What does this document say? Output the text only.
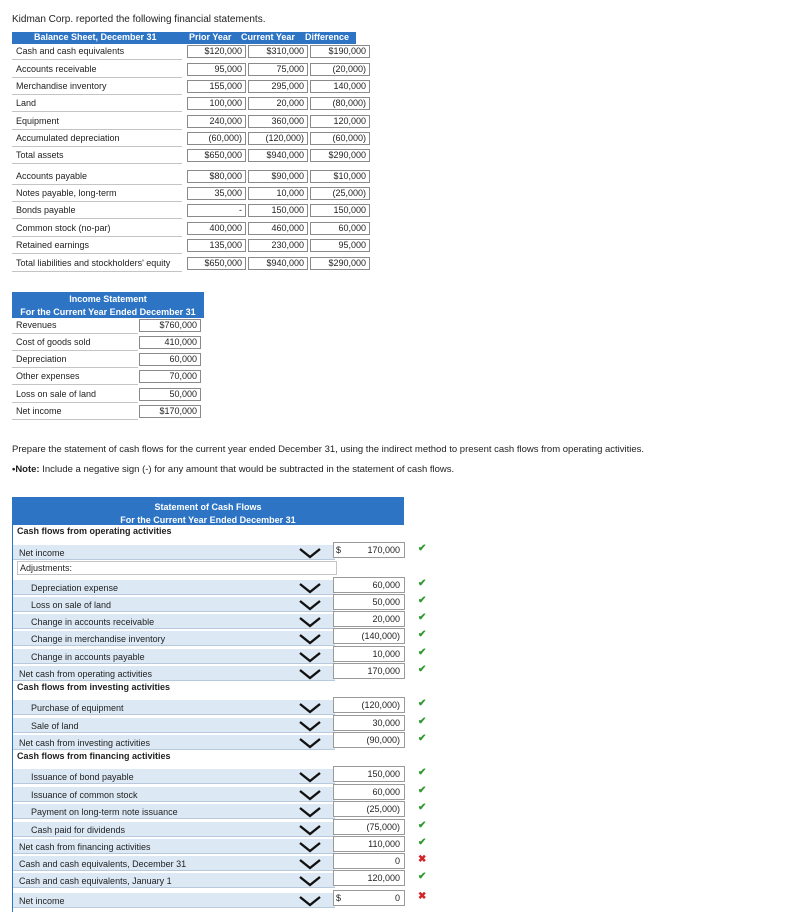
Kidman Corp. reported the following financial statements.
Balance Sheet, December 31	Prior Year Current Year Difference
Cash and cash equivalents	$120,000	$310,000	$190,000
Accounts receivable	95,000	75,000	(20,000)
Merchandise inventory	155,000	295,000	140,000
Land	100,000	20,000	(80,000)
Equipment	240,000	360,000	120,000
Accumulated depreciation	(60,000)	(120,000)	(60,000)
Total assets	$650,000	$940,000	$290,000
Accounts payable	$80,000	$90,000	$10,000
Notes payable, long-term	35,000	10,000	(25,000)
Bonds payable	-	150,000	150,000
Common stock (no-par)	400,000	460,000	60,000
Retained earnings	135,000	230,000	95,000
Total liabilities and stockholders' equity	$650,000	$940,000	$290,000
Income Statement
For the Current Year Ended December 31
Revenues	$760,000
Cost of goods sold	410,000
Depreciation	60,000
Other expenses	70,000
Loss on sale of land	50,000
Net income	$170,000
Prepare the statement of cash flows for the current year ended December 31, using the indirect method to present cash flows from operating activities.
•Note: Include a negative sign (-) for any amount that would be subtracted in the statement of cash flows.
Statement of Cash Flows
For the Current Year Ended December 31
Cash flows from operating activities
Cash flows from investing activities
Cash flows from financing activities
Adjustments:
Net income	170,000
$	✔
Depreciation expense	60,000	✔
Loss on sale of land	50,000	✔
Change in accounts receivable	20,000	✔
Change in merchandise inventory	(140,000)	✔
Change in accounts payable	10,000	✔
Net cash from operating activities	170,000	✔
Purchase of equipment	(120,000)	✔
Sale of land	30,000	✔
Net cash from investing activities	(90,000)	✔
Issuance of bond payable	150,000	✔
Issuance of common stock	60,000	✔
Payment on long-term note issuance	(25,000)	✔
Cash paid for dividends	(75,000)	✔
Net cash from financing activities	110,000	✔
Cash and cash equivalents, December 31	0	✖
Cash and cash equivalents, January 1	120,000	✔
Net income	0
$	✖
